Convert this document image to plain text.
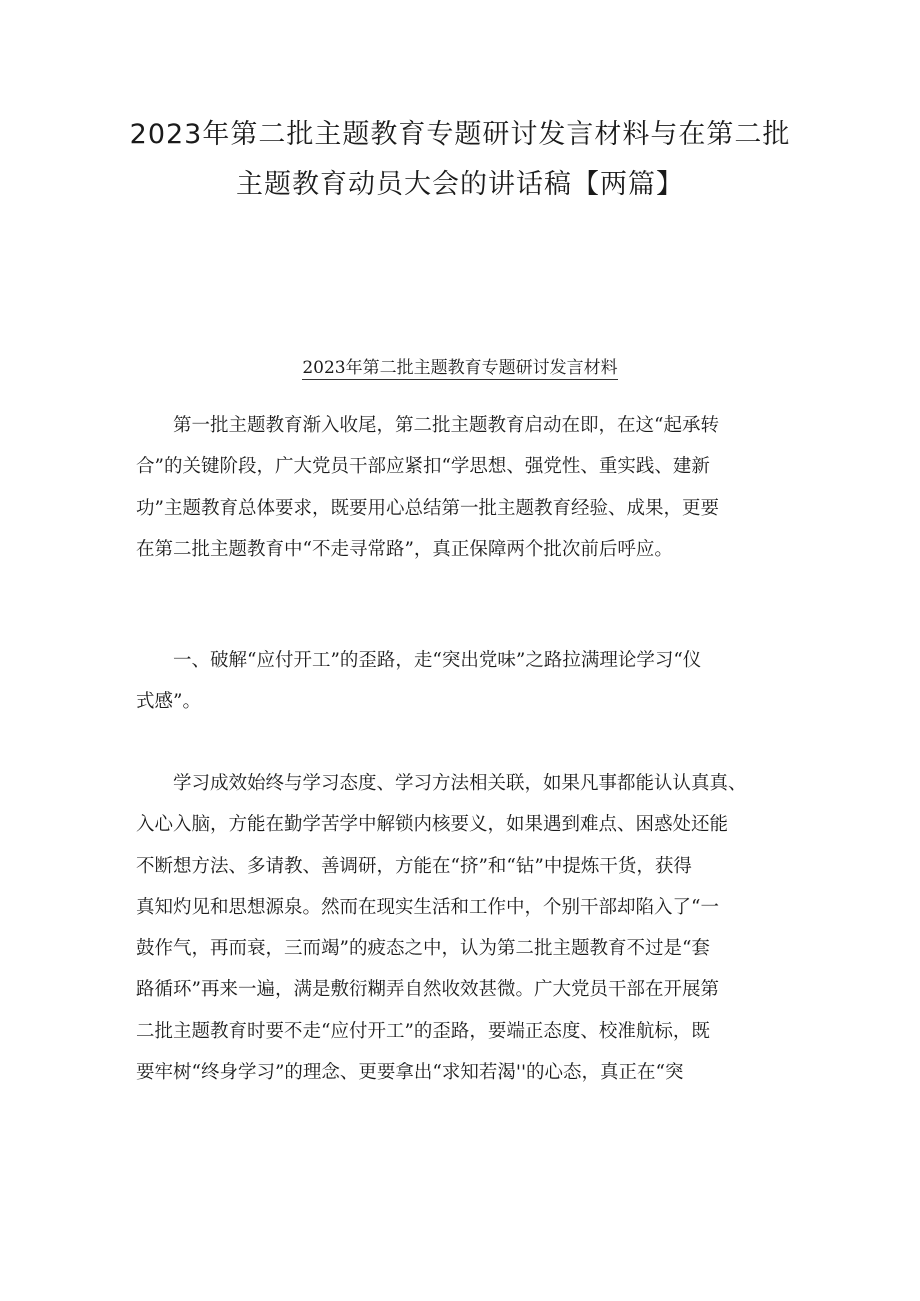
2023年第二批主题教育专题研讨发言材料与在第二批
主题教育动员大会的讲话稿【两篇】
2023年第二批主题教育专题研讨发言材料

　　第一批主题教育渐入收尾，第二批主题教育启动在即，在这“起承转
合”的关键阶段，广大党员干部应紧扣“学思想、强党性、重实践、建新
功”主题教育总体要求，既要用心总结第一批主题教育经验、成果，更要
在第二批主题教育中“不走寻常路”，真正保障两个批次前后呼应。

　　一、破解“应付开工”的歪路，走“突出党味”之路拉满理论学习“仪
式感”。

　　学习成效始终与学习态度、学习方法相关联，如果凡事都能认认真真、
入心入脑，方能在勤学苦学中解锁内核要义，如果遇到难点、困惑处还能
不断想方法、多请教、善调研，方能在“挤”和“钻”中提炼干货，获得
真知灼见和思想源泉。然而在现实生活和工作中，个别干部却陷入了“一
鼓作气，再而衰，三而竭”的疲态之中，认为第二批主题教育不过是“套
路循环”再来一遍，满是敷衍糊弄自然收效甚微。广大党员干部在开展第
二批主题教育时要不走“应付开工”的歪路，要端正态度、校准航标，既
要牢树“终身学习”的理念、更要拿出“求知若渴''的心态，真正在“突
